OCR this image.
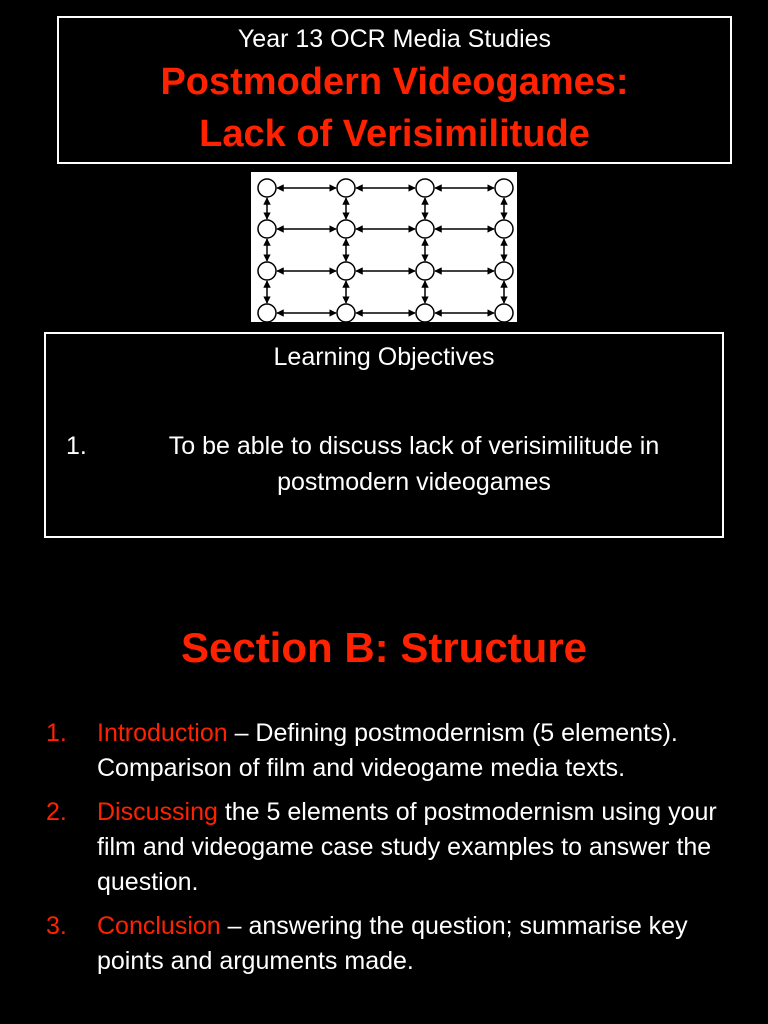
Year 13 OCR Media Studies
Postmodern Videogames:
Lack of Verisimilitude
Learning Objectives
1.	To be able to discuss lack of verisimilitude in postmodern videogames
Section B: Structure
1. Introduction – Defining postmodernism (5 elements). Comparison of film and videogame media texts.
2. Discussing the 5 elements of postmodernism using your film and videogame case study examples to answer the question.
3. Conclusion – answering the question; summarise key points and arguments made.
